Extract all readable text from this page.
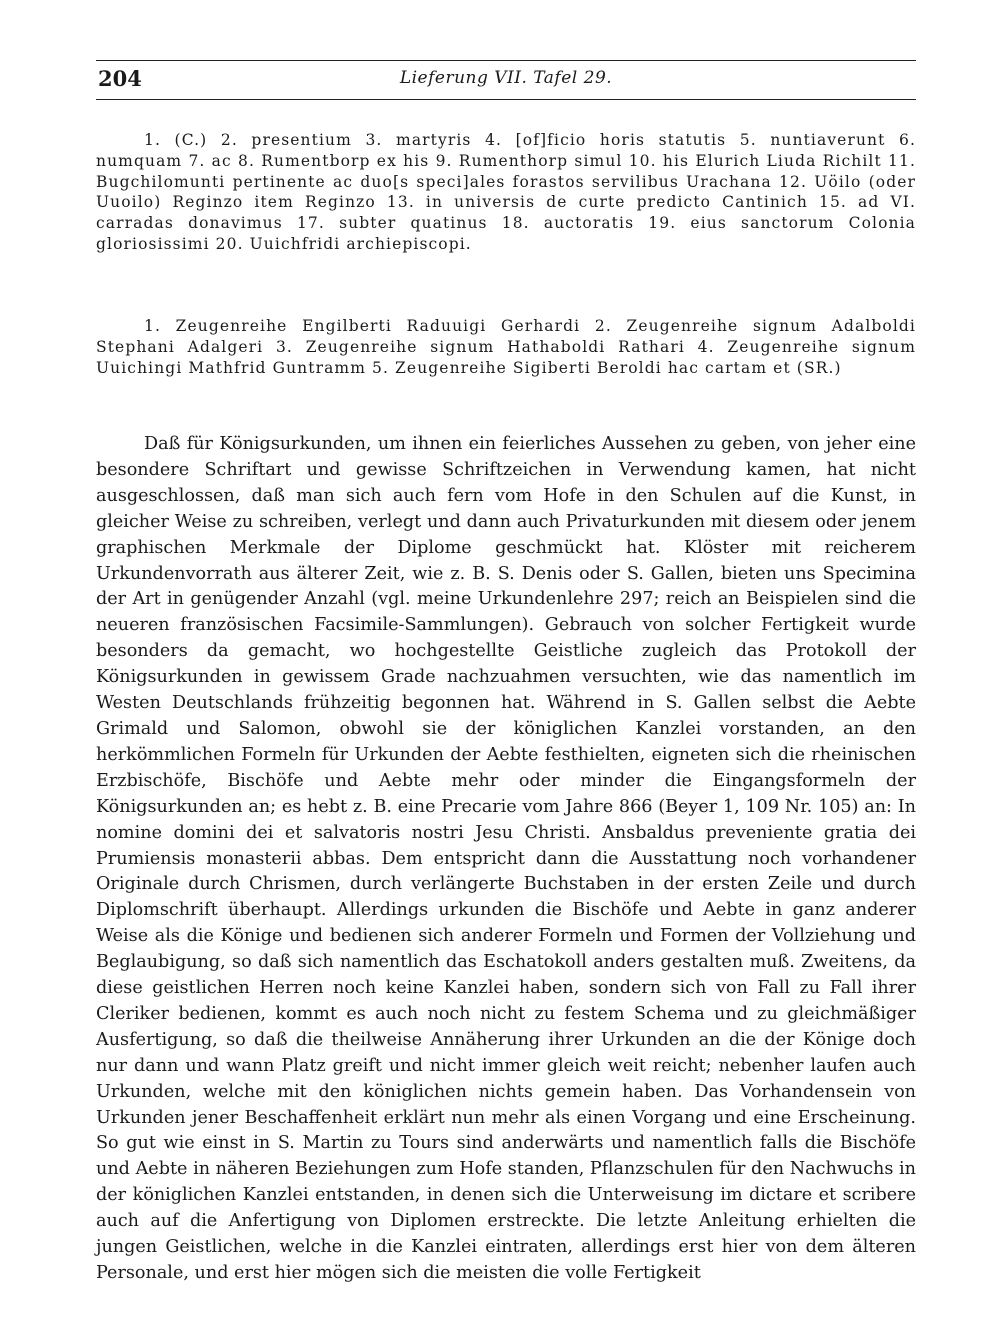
204	Lieferung VII. Tafel 29.

1. (C.) 2. presentium 3. martyris 4. [of]ficio horis statutis 5. nuntiaverunt 6. numquam 7. ac 8. Rumentborp ex his 9. Rumenthorp simul 10. his Elurich Liuda Richilt 11. Bugchilomunti pertinente ac duo[s speci]ales forastos servilibus Urachana 12. Uöilo (oder Uuoilo) Reginzo item Reginzo 13. in universis de curte predicto Cantinich 15. ad VI. carradas donavimus 17. subter quatinus 18. auctoratis 19. eius sanctorum Colonia gloriosissimi 20. Uuichfridi archiepiscopi.

1. Zeugenreihe Engilberti Raduuigi Gerhardi 2. Zeugenreihe signum Adalboldi Stephani Adalgeri 3. Zeugenreihe signum Hathaboldi Rathari 4. Zeugenreihe signum Uuichingi Mathfrid Guntramm 5. Zeugenreihe Sigiberti Beroldi hac cartam et (SR.)

Daß für Königsurkunden, um ihnen ein feierliches Aussehen zu geben, von jeher eine besondere Schriftart und gewisse Schriftzeichen in Verwendung kamen, hat nicht ausgeschlossen, daß man sich auch fern vom Hofe in den Schulen auf die Kunst, in gleicher Weise zu schreiben, verlegt und dann auch Privaturkunden mit diesem oder jenem graphischen Merkmale der Diplome geschmückt hat. Klöster mit reicherem Urkundenvorrath aus älterer Zeit, wie z. B. S. Denis oder S. Gallen, bieten uns Specimina der Art in genügender Anzahl (vgl. meine Urkundenlehre 297; reich an Beispielen sind die neueren französischen Facsimile-Sammlungen). Gebrauch von solcher Fertigkeit wurde besonders da gemacht, wo hochgestellte Geistliche zugleich das Protokoll der Königsurkunden in gewissem Grade nachzuahmen versuchten, wie das namentlich im Westen Deutschlands frühzeitig begonnen hat. Während in S. Gallen selbst die Aebte Grimald und Salomon, obwohl sie der königlichen Kanzlei vorstanden, an den herkömmlichen Formeln für Urkunden der Aebte festhielten, eigneten sich die rheinischen Erzbischöfe, Bischöfe und Aebte mehr oder minder die Eingangsformeln der Königsurkunden an; es hebt z. B. eine Precarie vom Jahre 866 (Beyer 1, 109 Nr. 105) an: In nomine domini dei et salvatoris nostri Jesu Christi. Ansbaldus preveniente gratia dei Prumiensis monasterii abbas. Dem entspricht dann die Ausstattung noch vorhandener Originale durch Chrismen, durch verlängerte Buchstaben in der ersten Zeile und durch Diplomschrift überhaupt. Allerdings urkunden die Bischöfe und Aebte in ganz anderer Weise als die Könige und bedienen sich anderer Formeln und Formen der Vollziehung und Beglaubigung, so daß sich namentlich das Eschatokoll anders gestalten muß. Zweitens, da diese geistlichen Herren noch keine Kanzlei haben, sondern sich von Fall zu Fall ihrer Cleriker bedienen, kommt es auch noch nicht zu festem Schema und zu gleichmäßiger Ausfertigung, so daß die theilweise Annäherung ihrer Urkunden an die der Könige doch nur dann und wann Platz greift und nicht immer gleich weit reicht; nebenher laufen auch Urkunden, welche mit den königlichen nichts gemein haben. Das Vorhandensein von Urkunden jener Beschaffenheit erklärt nun mehr als einen Vorgang und eine Erscheinung. So gut wie einst in S. Martin zu Tours sind anderwärts und namentlich falls die Bischöfe und Aebte in näheren Beziehungen zum Hofe standen, Pflanzschulen für den Nachwuchs in der königlichen Kanzlei entstanden, in denen sich die Unterweisung im dictare et scribere auch auf die Anfertigung von Diplomen erstreckte. Die letzte Anleitung erhielten die jungen Geistlichen, welche in die Kanzlei eintraten, allerdings erst hier von dem älteren Personale, und erst hier mögen sich die meisten die volle Fertigkeit
